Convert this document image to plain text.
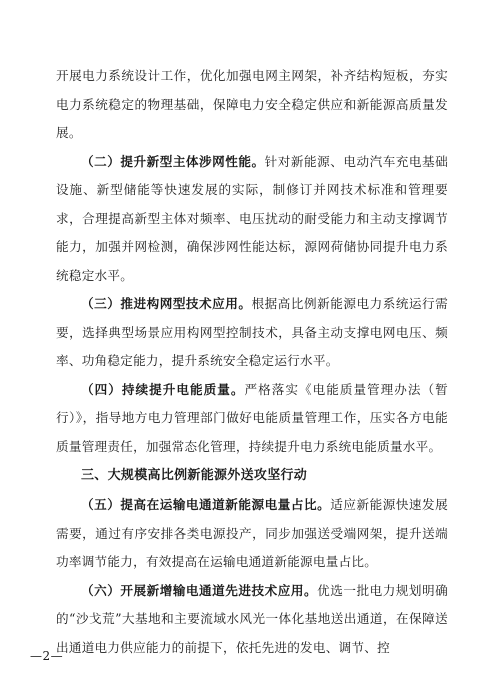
开展电力系统设计工作，优化加强电网主网架，补齐结构短板，夯实电力系统稳定的物理基础，保障电力安全稳定供应和新能源高质量发展。

（二）提升新型主体涉网性能。针对新能源、电动汽车充电基础设施、新型储能等快速发展的实际，制修订并网技术标准和管理要求，合理提高新型主体对频率、电压扰动的耐受能力和主动支撑调节能力，加强并网检测，确保涉网性能达标，源网荷储协同提升电力系统稳定水平。

（三）推进构网型技术应用。根据高比例新能源电力系统运行需要，选择典型场景应用构网型控制技术，具备主动支撑电网电压、频率、功角稳定能力，提升系统安全稳定运行水平。

（四）持续提升电能质量。严格落实《电能质量管理办法（暂行）》，指导地方电力管理部门做好电能质量管理工作，压实各方电能质量管理责任，加强常态化管理，持续提升电力系统电能质量水平。

三、大规模高比例新能源外送攻坚行动

（五）提高在运输电通道新能源电量占比。适应新能源快速发展需要，通过有序安排各类电源投产，同步加强送受端网架，提升送端功率调节能力，有效提高在运输电通道新能源电量占比。

（六）开展新增输电通道先进技术应用。优选一批电力规划明确的“沙戈荒”大基地和主要流域水风光一体化基地送出通道，在保障送出通道电力供应能力的前提下，依托先进的发电、调节、控

—2—
